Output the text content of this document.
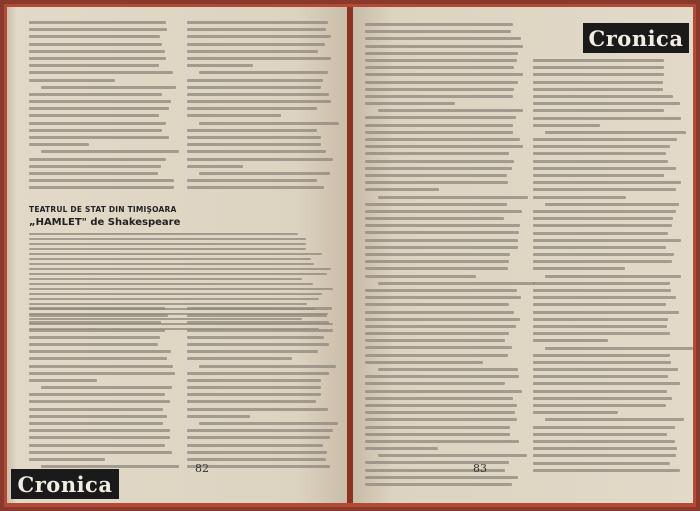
TEATRUL DE STAT DIN TIMIŞOARA
„HAMLET" de Shakespeare
82
Cronica
Cronica
83
